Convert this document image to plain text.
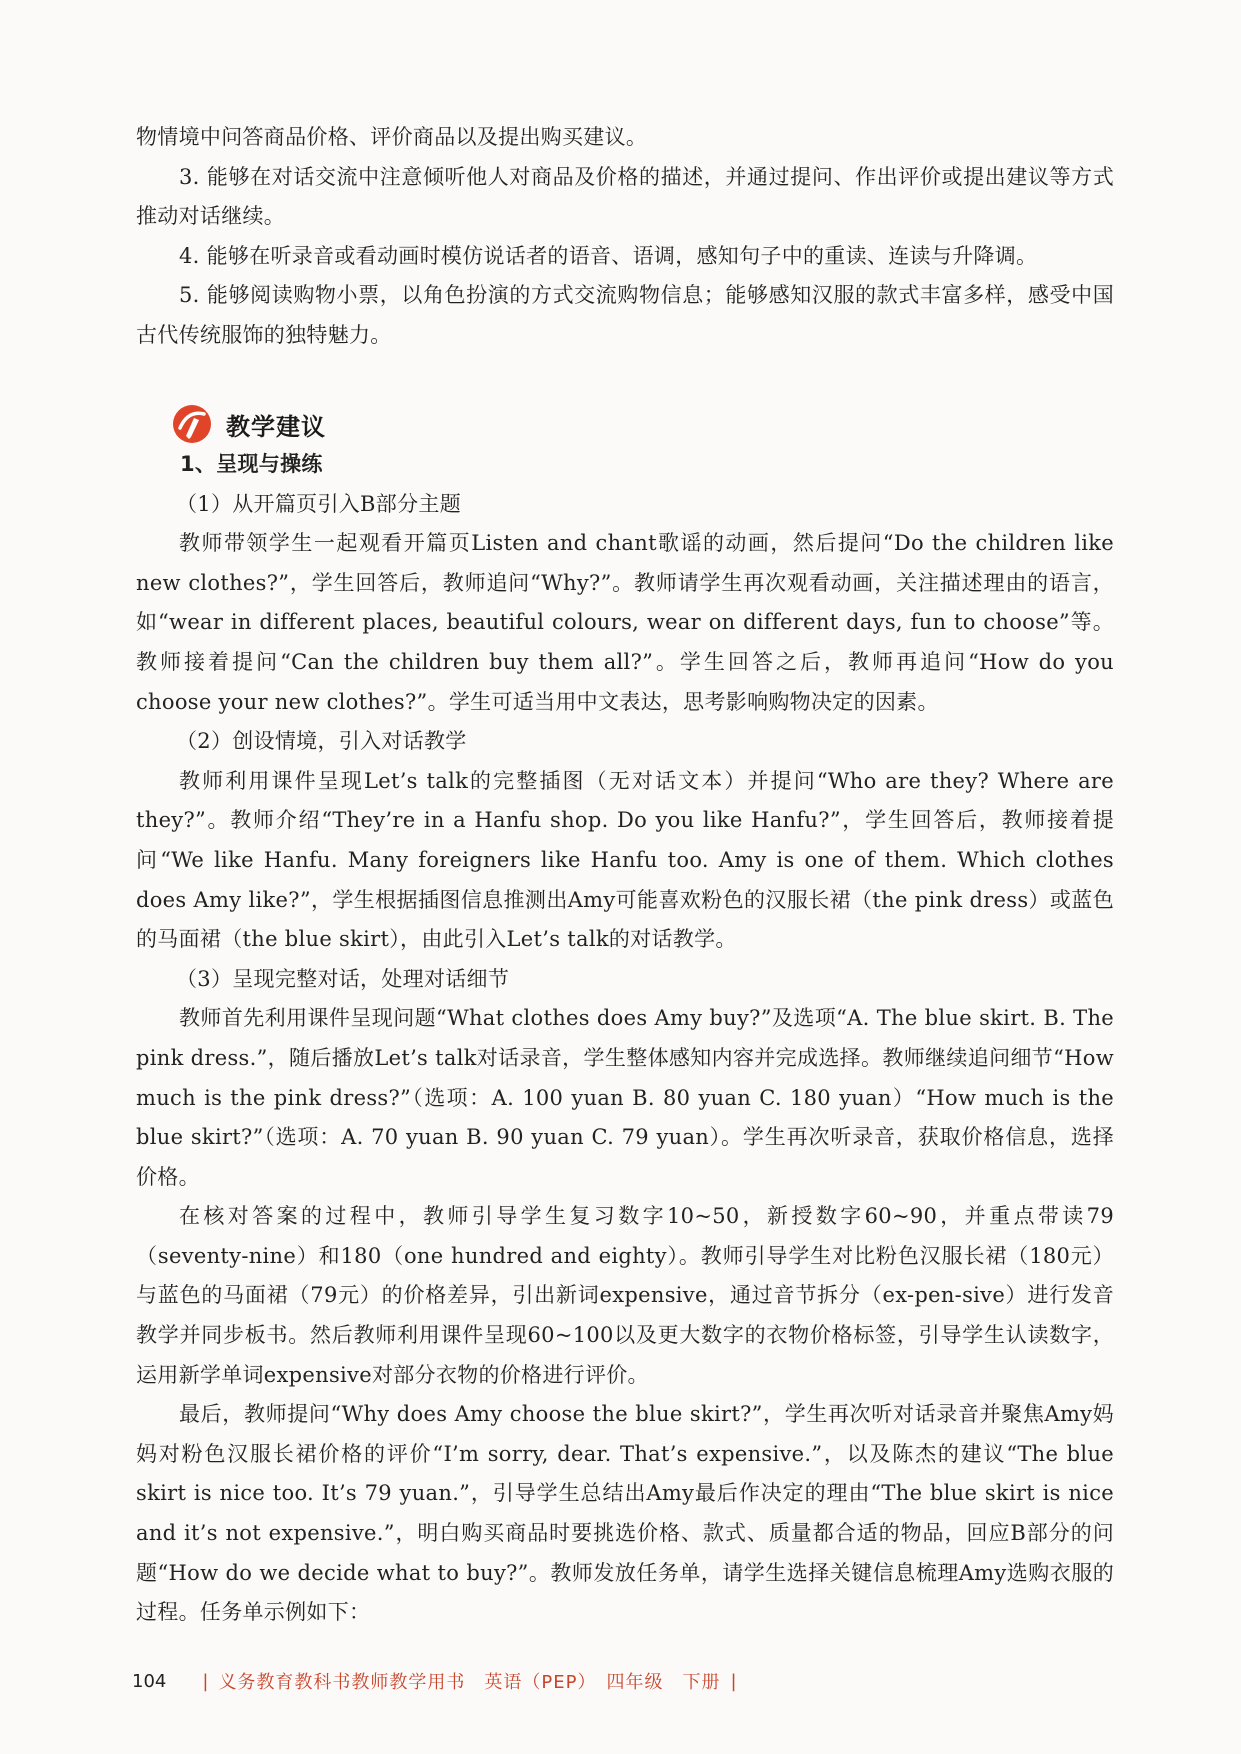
物情境中问答商品价格、评价商品以及提出购买建议。

3. 能够在对话交流中注意倾听他人对商品及价格的描述，并通过提问、作出评价或提出建议等方式推动对话继续。

4. 能够在听录音或看动画时模仿说话者的语音、语调，感知句子中的重读、连读与升降调。

5. 能够阅读购物小票，以角色扮演的方式交流购物信息；能够感知汉服的款式丰富多样，感受中国古代传统服饰的独特魅力。

教学建议

1、呈现与操练

（1）从开篇页引入B部分主题

教师带领学生一起观看开篇页Listen and chant歌谣的动画，然后提问“Do the children like new clothes?”，学生回答后，教师追问“Why?”。教师请学生再次观看动画，关注描述理由的语言，如“wear in different places, beautiful colours, wear on different days, fun to choose”等。教师接着提问“Can the children buy them all?”。学生回答之后，教师再追问“How do you choose your new clothes?”。学生可适当用中文表达，思考影响购物决定的因素。

（2）创设情境，引入对话教学

教师利用课件呈现Let’s talk的完整插图（无对话文本）并提问“Who are they? Where are they?”。教师介绍“They’re in a Hanfu shop. Do you like Hanfu?”，学生回答后，教师接着提问“We like Hanfu. Many foreigners like Hanfu too. Amy is one of them. Which clothes does Amy like?”，学生根据插图信息推测出Amy可能喜欢粉色的汉服长裙（the pink dress）或蓝色的马面裙（the blue skirt），由此引入Let’s talk的对话教学。

（3）呈现完整对话，处理对话细节

教师首先利用课件呈现问题“What clothes does Amy buy?”及选项“A. The blue skirt. B. The pink dress.”，随后播放Let’s talk对话录音，学生整体感知内容并完成选择。教师继续追问细节“How much is the pink dress?”（选项：A. 100 yuan B. 80 yuan C. 180 yuan）“How much is the blue skirt?”（选项：A. 70 yuan B. 90 yuan C. 79 yuan）。学生再次听录音，获取价格信息，选择价格。

在核对答案的过程中，教师引导学生复习数字10~50，新授数字60~90，并重点带读79（seventy-nine）和180（one hundred and eighty）。教师引导学生对比粉色汉服长裙（180元）与蓝色的马面裙（79元）的价格差异，引出新词expensive，通过音节拆分（ex-pen-sive）进行发音教学并同步板书。然后教师利用课件呈现60~100以及更大数字的衣物价格标签，引导学生认读数字，运用新学单词expensive对部分衣物的价格进行评价。

最后，教师提问“Why does Amy choose the blue skirt?”，学生再次听对话录音并聚焦Amy妈妈对粉色汉服长裙价格的评价“I’m sorry, dear. That’s expensive.”，以及陈杰的建议“The blue skirt is nice too. It’s 79 yuan.”，引导学生总结出Amy最后作决定的理由“The blue skirt is nice and it’s not expensive.”，明白购买商品时要挑选价格、款式、质量都合适的物品，回应B部分的问题“How do we decide what to buy?”。教师发放任务单，请学生选择关键信息梳理Amy选购衣服的过程。任务单示例如下：

104 | 义务教育教科书教师教学用书　英语（PEP）　四年级　下册 |
